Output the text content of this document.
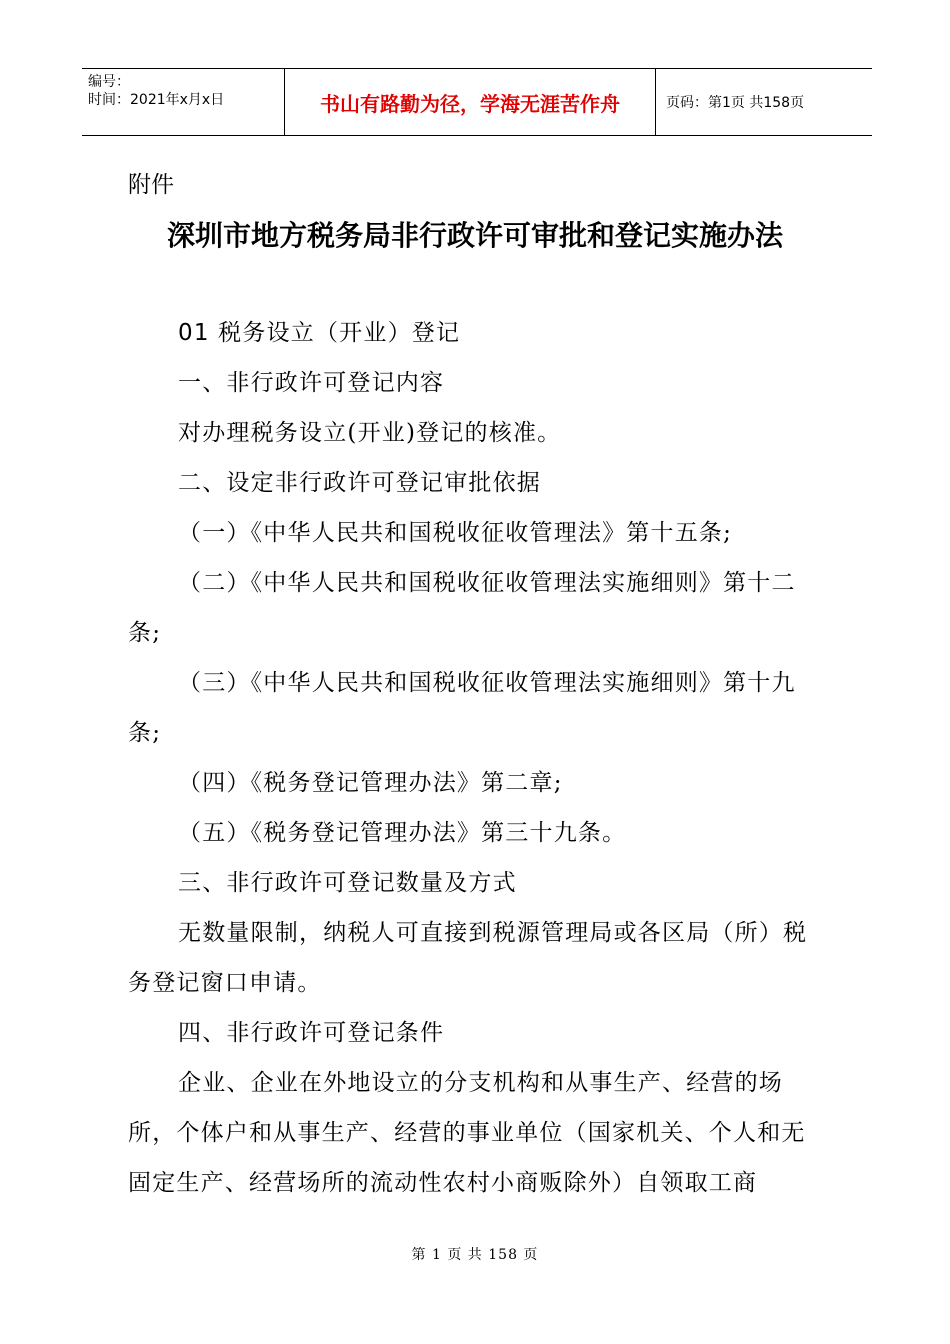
编号：
时间：2021年x月x日	书山有路勤为径，学海无涯苦作舟	页码：第1页 共158页
附件
深圳市地方税务局非行政许可审批和登记实施办法
01 税务设立（开业）登记
一、非行政许可登记内容
对办理税务设立(开业)登记的核准。
二、设定非行政许可登记审批依据
（一）《中华人民共和国税收征收管理法》第十五条;
（二）《中华人民共和国税收征收管理法实施细则》第十二条;
（三）《中华人民共和国税收征收管理法实施细则》第十九条;
（四）《税务登记管理办法》第二章;
（五）《税务登记管理办法》第三十九条。
三、非行政许可登记数量及方式
无数量限制，纳税人可直接到税源管理局或各区局（所）税务登记窗口申请。
四、非行政许可登记条件
企业、企业在外地设立的分支机构和从事生产、经营的场所，个体户和从事生产、经营的事业单位（国家机关、个人和无固定生产、经营场所的流动性农村小商贩除外）自领取工商
第 1 页 共 158 页
